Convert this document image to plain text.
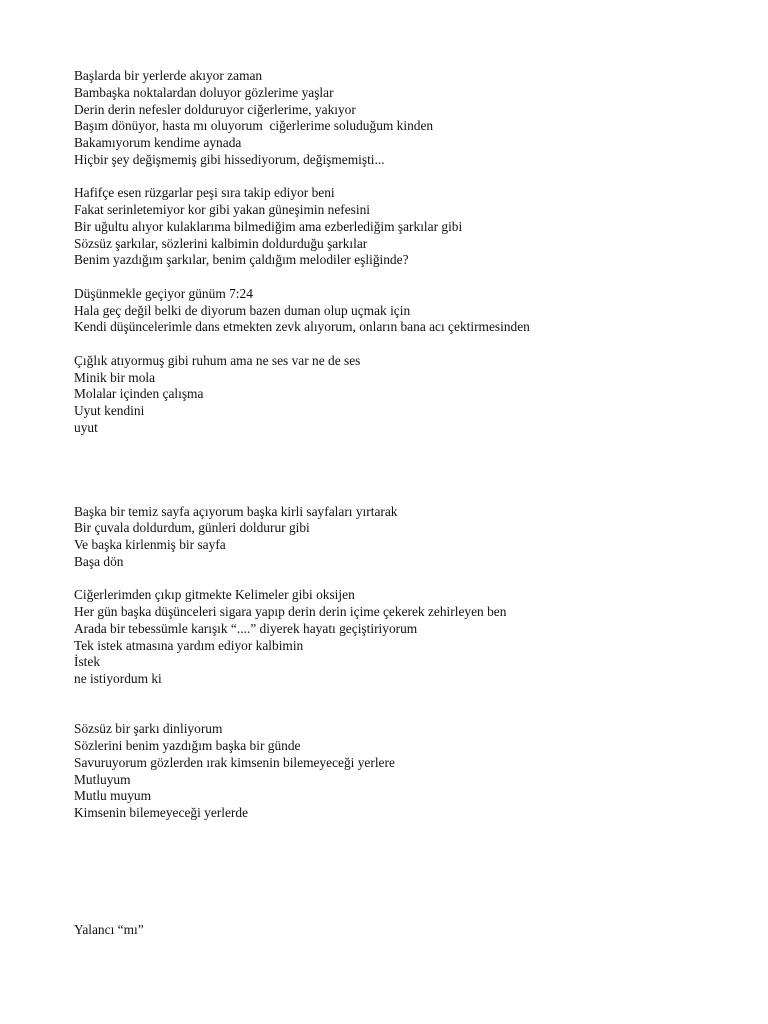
Başlarda bir yerlerde akıyor zaman
Bambaşka noktalardan doluyor gözlerime yaşlar
Derin derin nefesler dolduruyor ciğerlerime, yakıyor
Başım dönüyor, hasta mı oluyorum  ciğerlerime soluduğum kinden
Bakamıyorum kendime aynada
Hiçbir şey değişmemiş gibi hissediyorum, değişmemişti...
Hafifçe esen rüzgarlar peşi sıra takip ediyor beni
Fakat serinletemiyor kor gibi yakan güneşimin nefesini
Bir uğultu alıyor kulaklarıma bilmediğim ama ezberlediğim şarkılar gibi
Sözsüz şarkılar, sözlerini kalbimin doldurduğu şarkılar
Benim yazdığım şarkılar, benim çaldığım melodiler eşliğinde?
Düşünmekle geçiyor günüm 7:24
Hala geç değil belki de diyorum bazen duman olup uçmak için
Kendi düşüncelerimle dans etmekten zevk alıyorum, onların bana acı çektirmesinden
Çığlık atıyormuş gibi ruhum ama ne ses var ne de ses
Minik bir mola
Molalar içinden çalışma
Uyut kendini
uyut
Başka bir temiz sayfa açıyorum başka kirli sayfaları yırtarak
Bir çuvala doldurdum, günleri doldurur gibi
Ve başka kirlenmiş bir sayfa
Başa dön
Ciğerlerimden çıkıp gitmekte Kelimeler gibi oksijen
Her gün başka düşünceleri sigara yapıp derin derin içime çekerek zehirleyen ben
Arada bir tebessümle karışık “....” diyerek hayatı geçiştiriyorum
Tek istek atmasına yardım ediyor kalbimin
İstek
ne istiyordum ki
Sözsüz bir şarkı dinliyorum
Sözlerini benim yazdığım başka bir günde
Savuruyorum gözlerden ırak kimsenin bilemeyeceği yerlere
Mutluyum
Mutlu muyum
Kimsenin bilemeyeceği yerlerde
Yalancı “mı”
